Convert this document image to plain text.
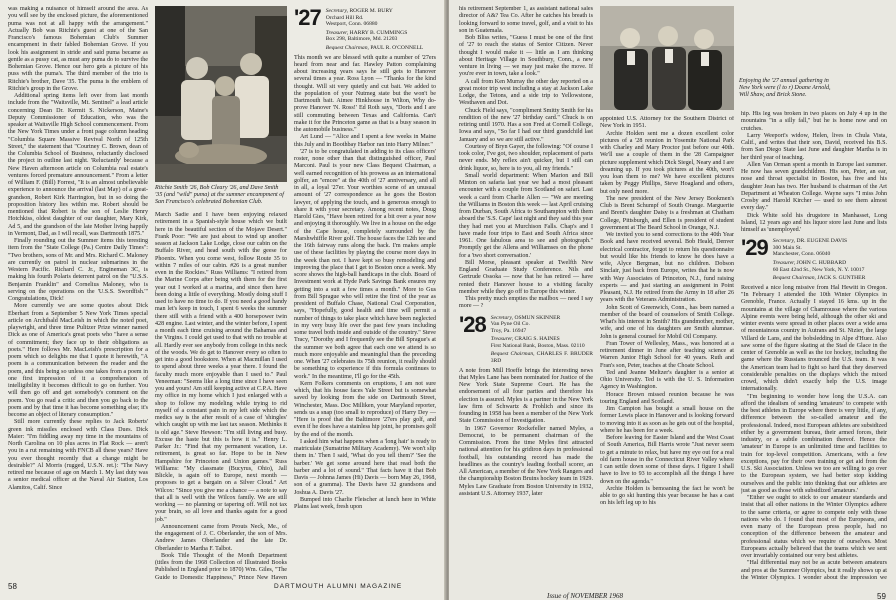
was making a nuisance of himself around the area. As you will see by the enclosed picture, the aforementioned puma was not at all happy with the arrangement." Actually Bob was Ritchie's guest at one of the San Francisco's famous Bohemian Club's Summer encampment in their fabled Bohemian Grove. If you look his assignment in stride and said puma became as gentle as a pussy cat, as must any puma do to survive the Bohemian Grove. Hence our hero gets a picture of his puss with the puma's. The third member of the trio is Ritchie's brother, Dave '35. The puma is the emblem of Ritchie's group in the Grove.

Additional spring items left over from last month include from the "Waitsville, Mt. Sentinel" a lead article concerning Dean Dr. Kermit S. Nickerson, Maine's Deputy Commissioner of Education, who was the speaker at Waitsville High School commencement. From the New York Times under a front page column heading "Columbia Square Massive Revival North of 125th Street," the statement that "Courtney C. Brown, dean of the Columbia School of Business, reluctantly disclosed the project in outline last night. 'Reluctantly' because a New Haven afternoon article on Columbia real estate's ventures forced premature announcement." From a letter of William F. (Bill) Forrest, "It is an almost unbelievable experience to announce the arrival (last May) of a great-grandson, Robert Kirk Harrington, but in so doing the proposition history lies within me. Robert should be mentioned that Robert is the son of Leslie Henry Hotchkiss, oldest daughter of our daughter, Mary Kirk, Ad 5, and the grandson of the late Mother living happily in Vermont, Dad, as I will recall, was Dartmouth 1875."

Finally rounding out the Summer items this teresting item from the "State College (Pa.) Centre Daily Times": "Two brothers, sons of Mr. and Mrs. Richard C. Maloney are currently on patrol in nuclear submarines in the Western Pacific. Richard C. Jr., Engineman 3C, is making his fourth Polaris deterrent patrol on the "U.S.S. Benjamin Franklin" and Cornelius Maloney, who is serving on the operations on the 'U.S.S. Swordfish.'" Congratulations, Dick!

More currently we are some quotes about Dick Eberhart from a September 5 New York Times special article on Archibald MacLeish in which the noted poet, playwright, and three time Pulitzer Prize winner named Dick as one of America's great poets who "have a sense of commitment; they face up to their obligations as poets." Here follows Mr. MacLeish's prescription for a poem which so delights me that I quote it herewith, "A poem is a communication between the reader and the poem, and this being so unless one takes from a poem in one first impression of it a comprehension of intelligibility it becomes difficult to go on further. You will then go off and get somebody's comment on the poem. You go read a critic and then you go back to the poem and by that time it has become something else; it's become an object of literary consumption."

Still more currently these replies to Jack Roberts' green ink missiles enclosed with Class Dues. Dick Maier: "I'm fiddling away my time in the mountains of North Carolina on 10 plus acres in Flat Rock — aren't you in a rut remaining with FNCB all these years? Have you ever thought recently that a change might be desirable?" Al Morris (rugged, U.S.N. ret.): "The Navy retired me because of age on March 1. My last duty was a senior medical officer at the Naval Air Station, Los Alamitos, Calif. Since

Ritchie Smith '26, Bob Cleary '26, and Dave Smith '35 (and "wild" puma) at the summer encampment of San Francisco's celebrated Bohemian Club.

March Sadie and I have been enjoying relaxed retirement in a Spanish-style house which we built here in the beautiful section of the Mojave Desert." Frank Poor: "We are just about to wind up another season at Jackson Lake Lodge, close our cabin on the Buffalo River, and head south with the geese for Phoenix. When you come west, follow Route 35 to within 7 miles of our cabin. #26 is a great number even in the Rockies." Russ Williams: "I retired from the Marine Corps after being with them for the first year out I worked at a marina, and since then have been doing a little of everything. Mostly doing stuff I used to have no time to do. If you need a good handy man let's keep in touch, I spent 6 weeks the summer there still with a friend with a 400 horsepower twin 428 engine. Last winter, and the winter before, I spent a month each time cruising around the Bahamas and the Virgins. I could get used to that with no trouble at all. Hardly ever see anybody from college in this neck of the woods. We do get to Hanover every so often to get into a good bookstore. When at Macmillan I used to spend about three weeks a year there. I found the faculty much more enjoyable than I used to." Paul Veneeman: "Seems like a long time since I have seen you and yours! Am still keeping active at C.P.A. Have my office in my home which I just enlarged with a shop to follow my modeling while trying to rid myself of a constant pain in my left side which the medics say is the after result of a case of 'shingles' which caught up with me last tax season. Methinks it is old age." Steve Hewson: "I'm still living and busy. Excuse the haste but this is how it is." Henry L. Parker Jr.: "Find that my permanent vacation, i.e. retirement, is great so far. Hope to be in New Hampshire for Princeton and Union games." Russ Williams: "My classmate (Bucyrus, Ohio), Jall Blickle, is again off to Europe, next month — proposes to get a bargain on a Silver Cloud." Art Wilcox: "Since you give me a chance — a note to say that all is well with the Wilcox family. We are still working — no planning or tapering off. Will not tax your brain, so all love and thanks again for a good job."

Announcement came from Prouts Neck, Me., of the engagement of J. C. Oberlander, the son of Mrs. Andrew James Oberlander and the late Dr. Oberlander to Martha F. Talbot.

Book Title Thought of the Month Department (titles from the 1968 Collection of Illustrated Books Published in England prior to 1870) Wm. Giles, "The Guide to Domestic Happiness," Prince New Haven

'27 Secretary, ROGER M. BURY
Orchard Hill Rd.
Westport, Conn. 06880
Treasurer, HARRY B. CUMMINGS
Box 298, Baltimore, Md. 21203
Bequest Chairman, PAUL R. O'CONNELL

This month we are blessed with quite a number of '27ers heard from near and far. Hawley Patton complaining about increasing years says he still gets to Hanover several times a year. Ross Lyon — "Thanks for the kind thought. Will sit very quietly and cut bait. We added to the population of your Nutmeg state but the won't be Dartmouth bait. Aimee Hinkhouse in Wilton, Why do-prove Hanover 'N. Ross!' Ed Roth says, "Doris and I are still commuting between Texas and California. Can't make it for the Princeton game as that is a busy season in the automobile business."

Art Lund — "Alice and I spent a few weeks in Maine this July and in Boothbay Harbor ran into Harry Milner."

'27 is to be congratulated in adding to its class officers' roster, none other than that distinguished officer, Paul Marconi. Paul is your new Class Bequest Chairman, a well earned recognition of his prowess as an international golfer, an "emcee" at the 40th of '27 anniversary, and all in all, a loyal '27er. Your worthies scene of an unusual amount of '27 correspondence as he goes the Boston lawyer, of applying the touch, and is generous enough to share it with your secretary. Among recent notes, Doug Harold Gies, "Have been retired for a bit over a year now and enjoying it thoroughly. We live in a house on the edge of the Cape house, completely surrounded by the Marshwhiffle River golf. The house faces the 12th tee and the 16th fairway runs along the back. I'm makes ample use of these facilities by playing the course more days in the week than not. I have kept so busy remodeling and improving the place that I get to Boston once a week. My score shows the high-ball handicaps in the club. Board of Investment work at Hyde Park Savings Bank ensures my getting into a suit a few times a month." More to Gus from Bill Sprague who will retire the first of the year as president of Buffalo Chase, National Coal Corporation, says, "Hopefully, good health and time will permit a number of things to take place which have been neglected in my very busy life over the past few years including some travel both inside and outside of the country." Steve Tracy, "Dorothy and I frequently see the Bill Sprague's at the summer we both agree that each one we attend is so much more enjoyable and meaningful than the preceding one. When '27 celebrates its 75th reunion, it really should be something to experience if this formula continues to work." In the meantime, I'll go for the 45th.

Kern Folkers comments on eruptions, I am not sure which, that his house faces Yale Street but is somewhat saved by looking from the side on Dartmouth Street, Winchester, Mass. Doc Milliken, your Maryland reporter, sends us a snap (too small to reproduce) of Harry Dey — "Here is proof that the Baltimore '27ers play golf, and even if he does have a stainless hip joint, he promises golf by the end of the month.

I asked him what happens when a 'long hair' is ready to matriculate (Sumatrine Military Academy). 'We won't slip them in.' Then I said, 'What do you tell them?' 'See the barber.' We get some around here that read both the barber and a lot of sound." That facts have it that Bob Davis — Johnna James (Hi) Davis — born May 26, 1968, son of a gramma). The Davis have 32 grandsons and Joshua A. Davis '27.

Bumped into Charlie Fleischer at lunch here in White Plains last week, fresh upon

58	DARTMOUTH ALUMNI MAGAZINE

his retirement September 1, as assistant national sales director of A&? Tea Co. After he catches his breath is looking forward to some travel, golf, and a visit to his son in Guatemala.

Bob Bliss writes, "Guess I must be one of the first of '27 to reach the status of Senior Citizen. Never thought I would make it — little as I am thinking about Heritage Village in Southbury, Conn., a new venture in living — we may just make the move. If you're ever in town, take a look."

A call from Ken Murray the other day reported on a great motor trip west including a stay at Jackson Lake Lodge, the Tetons, and a side trip to Yellowstone, Westhaven and Dot.

Chuck Field says, "compliment Smitty Smith for his rendition of the new '27 birthday card." Chuck is on retiring until 1970. Has a son Fred at Cornell College, Iowa and says, "So far I had our third grandchild last January and so we are still active."

Courtesy of Bryn Gayer, the following: "Of course I took color, I've got, two shoulder, replacement of parts never ends. My reflex ain't quicker, but I still can drink liquor, so, here is to you, all my friends."

Small world department: When Marion and Bill Minton on safaria last year we had a most pleasant encounter with a couple from Scotland on safari. Last week a card from Charlie Allen — "We are meeting the Williams in Boston this week — last April cruising from Durban, South Africa to Southampton with them aboard the 'S.S. Cape' last night and they said this year they had met you at Murchison Falls. Chap's and I have made four trips to East and South Africa since 1961. One fabulous area to see and photograph." Promptly get the Allens and Williamses on the phone for a 'two short conversation.'

Bill Morse, pleasant speaker at Twelfth New England Graduate Study Conference. Nils and Gertrude Ossoka — now that he has retired — have rented their Hanover house to a visiting faculty member while they go off to Europe this winter.

This pretty much empties the mailbox — need I say more — ?

'28 Secretary, OSMUN SKINNER
Van Pyne Oil Co.
Troy, Pa. 16947
Treasurer, CRAIG S. HAINES
First National Bank, Boston, Mass. 02110
Bequest Chairman, CHARLES F. BRUDER 3RD

A note from Mill Hoeffe brings the interesting news that Myles Lane has been nominated for Justice of the New York State Supreme Court. He has the endorsement of all four parties and therefore his election is assured. Myles is a partner in the New York law firm of Schwartz & Frohlich and since its founding in 1958 has been a member of the New York State Commission of Investigation.

In 1967 Governor Rockefeller named Myles, a Democrat, to be permanent chairman of the Commission. From the time Myles first attracted national attention for his gridiron days in professional football, his outstanding record has made the headlines as the country's leading football scorer, an All American, a member of the New York Rangers and the championship Boston Bruins hockey team in 1929. Myles Law Graduate from Boston University in 1932, assistant U.S. Attorney 1937, later

Enjoying the '27 annual gathering in New York were (l to r) Doane Arnold, Will Shaw, and Brick Stone.

appointed U.S. Attorney for the Southern District of New York in 1951.

Archie Holden sent me a dozen excellent color pictures of a '28 reunion in Yosemite National Park with Charley and Mary Proctor just before our 40th. We'll use a couple of them in the '28 Campaigner picture supplement which Dick Siegel, Neary and I are dreaming up. If you took pictures at the 40th, won't you loan them to me? We have excellent pictures taken by Peggy Phillips, Steve Hoagland and others, but only need more.

The new president of the New Jersey Bookmen's Club is Brent Schumpf of South Orange. Marguerite and Brent's daughter Daisy is a freshman at Chatham College, Pittsburgh, and Ellen is president of student government at The Beard School in Orange, N.J.

We invited you to send corrections to the 40th Year Book and have received several. Bob Heald, Denver electrical contractor, forgot to return his questionnaire but would like his friends to know he does have a wife, Alyce Bergman, but no children. Dobson Sinclair, just back from Europe, writes that he is now with Way Associates of Princeton, N.J., fund raising experts — and just starting an assignment in Point Pleasant, N.J. He retired from the Army in 18 after 26 years with the Veterans Administration.

John Scott of Greenwich, Conn., has been named a member of the board of counselors of Smith College. What's his interest in Smith? His grandmother, mother, wife, and one of his daughters are Smith alumnae. John is general counsel for Mobil Oil Company.

Fran Tower of Wellesley, Mass., was honored at a retirement dinner in June after teaching science at Warren Junior High School for 40 years. Ruth and Fran's son, Peter, teaches at the Choate School.

Ted and Jeanne Meltzer's daughter is a senior at Ohio University. Ted is with the U. S. Information Agency in Washington.

Horace Brown missed reunion because he was touring England and Scotland.

Jim Campion has bought a small house on the former Lewis place in Hanover and is looking forward to moving into it as soon as he gets out of the hospital, where he has been for a week.

Before leaving for Easter Island and the West Coast of South America, Bill Harris wrote "Just never seem to get a minute to relax, but have my eye out for a real old farm house in the Connecticut River Valley where I can settle down some of these days. I figure I shall have to live to 93 to accomplish all the things I have down on the agenda."

Archie Holden is bemoaning the fact he won't be able to go ski hunting this year because he has a cast on his left leg up to his

hip. His leg was broken in two places on July 4 up in the mountains "in a silly fall," but he is home now and on crutches.

Larry Weeport's widow, Helen, lives in Chula Vista, Calif., and writes that their son, David, received his B.S. from San Diego State last June and daughter Martha is in her third year of teaching.

Allen Van Orman spent a month in Europe last summer. He now has seven grandchildren. His son, Peter, an ear, nose and throat specialist in Boston, has five and his daughter Jean has two. Her husband is chairman of the Art Department at Wheaton College. Wayne says "I miss John Crosby and Harold Kircher — used to see them almost every day."

Dick White sold his drugstore in Manhasset, Long Island, 12 years ago and his liquor store last June and lists himself as 'unemployed.'

'29 Secretary, DR. EUGENE DAVIS
300 Main St.
Manchester, Conn. 06040
Treasurer, JOHN C. HUBBARD
60 East 42nd St., New York, N. Y. 10017
Bequest Chairman, JACK S. GUNTHER

Received a nice long missive from Hal Hewitt in Oregon. "In February I attended the 10th Winter Olympics in Grenoble, France. Actually I stayed 16 kms. up in the mountains at the village of Chamrousse where the various Alpine events were being held, although the other ski and winter events were spread in other places over a wide area of mountainous country in Autrans and St. Nizier, the large Villard de Lans, and the bobsledding in Alpe d'Huez. Also saw some of the figure skating at the Stad de Glace in the center of Grenoble as well as the ice hockey, including the game where the Russians trounced the U.S. team. It was the American team had to fight so hard that they deserved considerable penalties on the displays which the mixed crowd, which didn't exactly help the U.S. image internationally.

"I'm beginning to wonder how long the U.S.A. can afford the idealism of sending 'amateurs' to compete with the best athletes in Europe where there is very little, if any, difference between the so-called amateur and the professional. Indeed, most European athletes are subsidized either by a government bureau, their armed forces, their industry, or a subtle combination thereof. Hence the 'amateur' in Europe is an unlimited time and facilities to train for top-level competition. Americans, with a few exceptions, pay for their own training or get aid from the U.S. Ski Association. Unless we too are willing to go over to the European system, we had better stop kidding ourselves and the public into thinking that our athletes are just as good as those with subsidized 'amateurs.'

"Either we ought to stick to our amateur standards and insist that all other nations in the Winter Olympics adhere to the same criteria, or agree to compete only with those nations who do. I found that most of the Europeans, and even many of the European press people, had no conception of the difference between the amateur and professional status which we require of ourselves. Most Europeans actually believed that the teams which we sent over invariably contained our very best athletes.

"Hal differential may not be as acute between amateurs and pros at the Summer Olympics, but it really shows up at the Winter Olympics. I wonder about the impression we

Issue of NOVEMBER 1968	59
